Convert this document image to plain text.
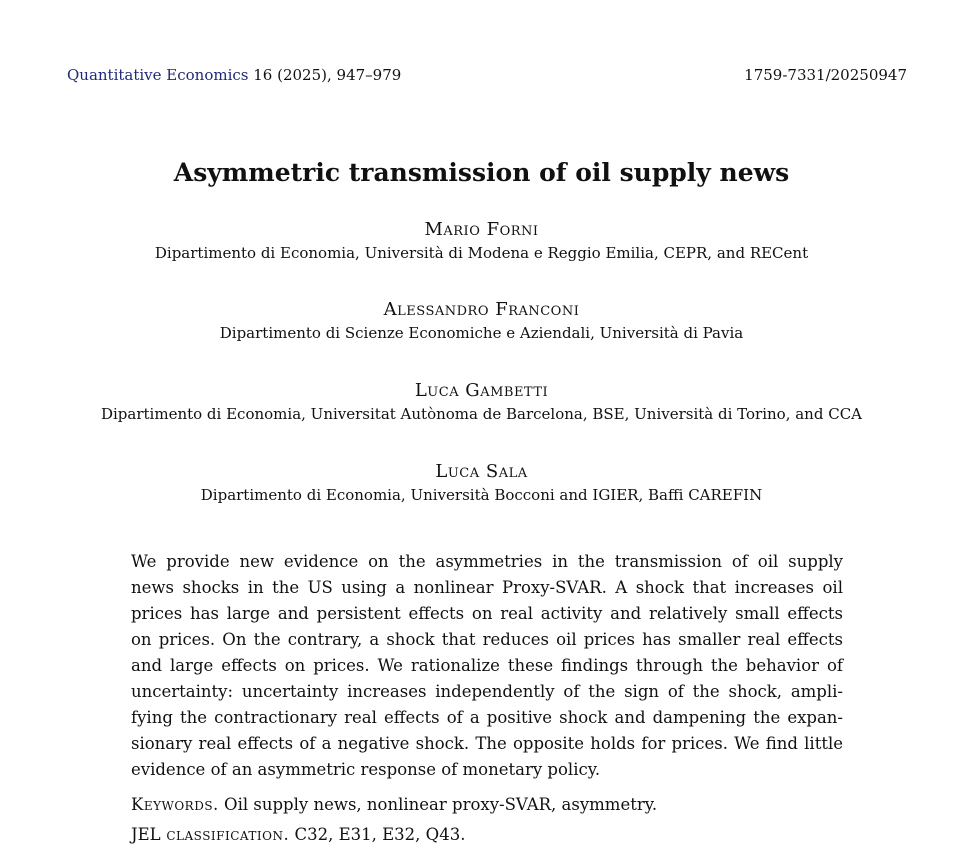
Quantitative Economics 16 (2025), 947–979	1759-7331/20250947
Asymmetric transmission of oil supply news
Mario Forni
Dipartimento di Economia, Università di Modena e Reggio Emilia, CEPR, and RECent
Alessandro Franconi
Dipartimento di Scienze Economiche e Aziendali, Università di Pavia
Luca Gambetti
Dipartimento di Economia, Universitat Autònoma de Barcelona, BSE, Università di Torino, and CCA
Luca Sala
Dipartimento di Economia, Università Bocconi and IGIER, Baffi CAREFIN
We provide new evidence on the asymmetries in the transmission of oil supply
news shocks in the US using a nonlinear Proxy-SVAR. A shock that increases oil
prices has large and persistent effects on real activity and relatively small effects
on prices. On the contrary, a shock that reduces oil prices has smaller real effects
and large effects on prices. We rationalize these findings through the behavior of
uncertainty: uncertainty increases independently of the sign of the shock, ampli-
fying the contractionary real effects of a positive shock and dampening the expan-
sionary real effects of a negative shock. The opposite holds for prices. We find little
evidence of an asymmetric response of monetary policy.
Keywords. Oil supply news, nonlinear proxy-SVAR, asymmetry.
JEL classification. C32, E31, E32, Q43.
